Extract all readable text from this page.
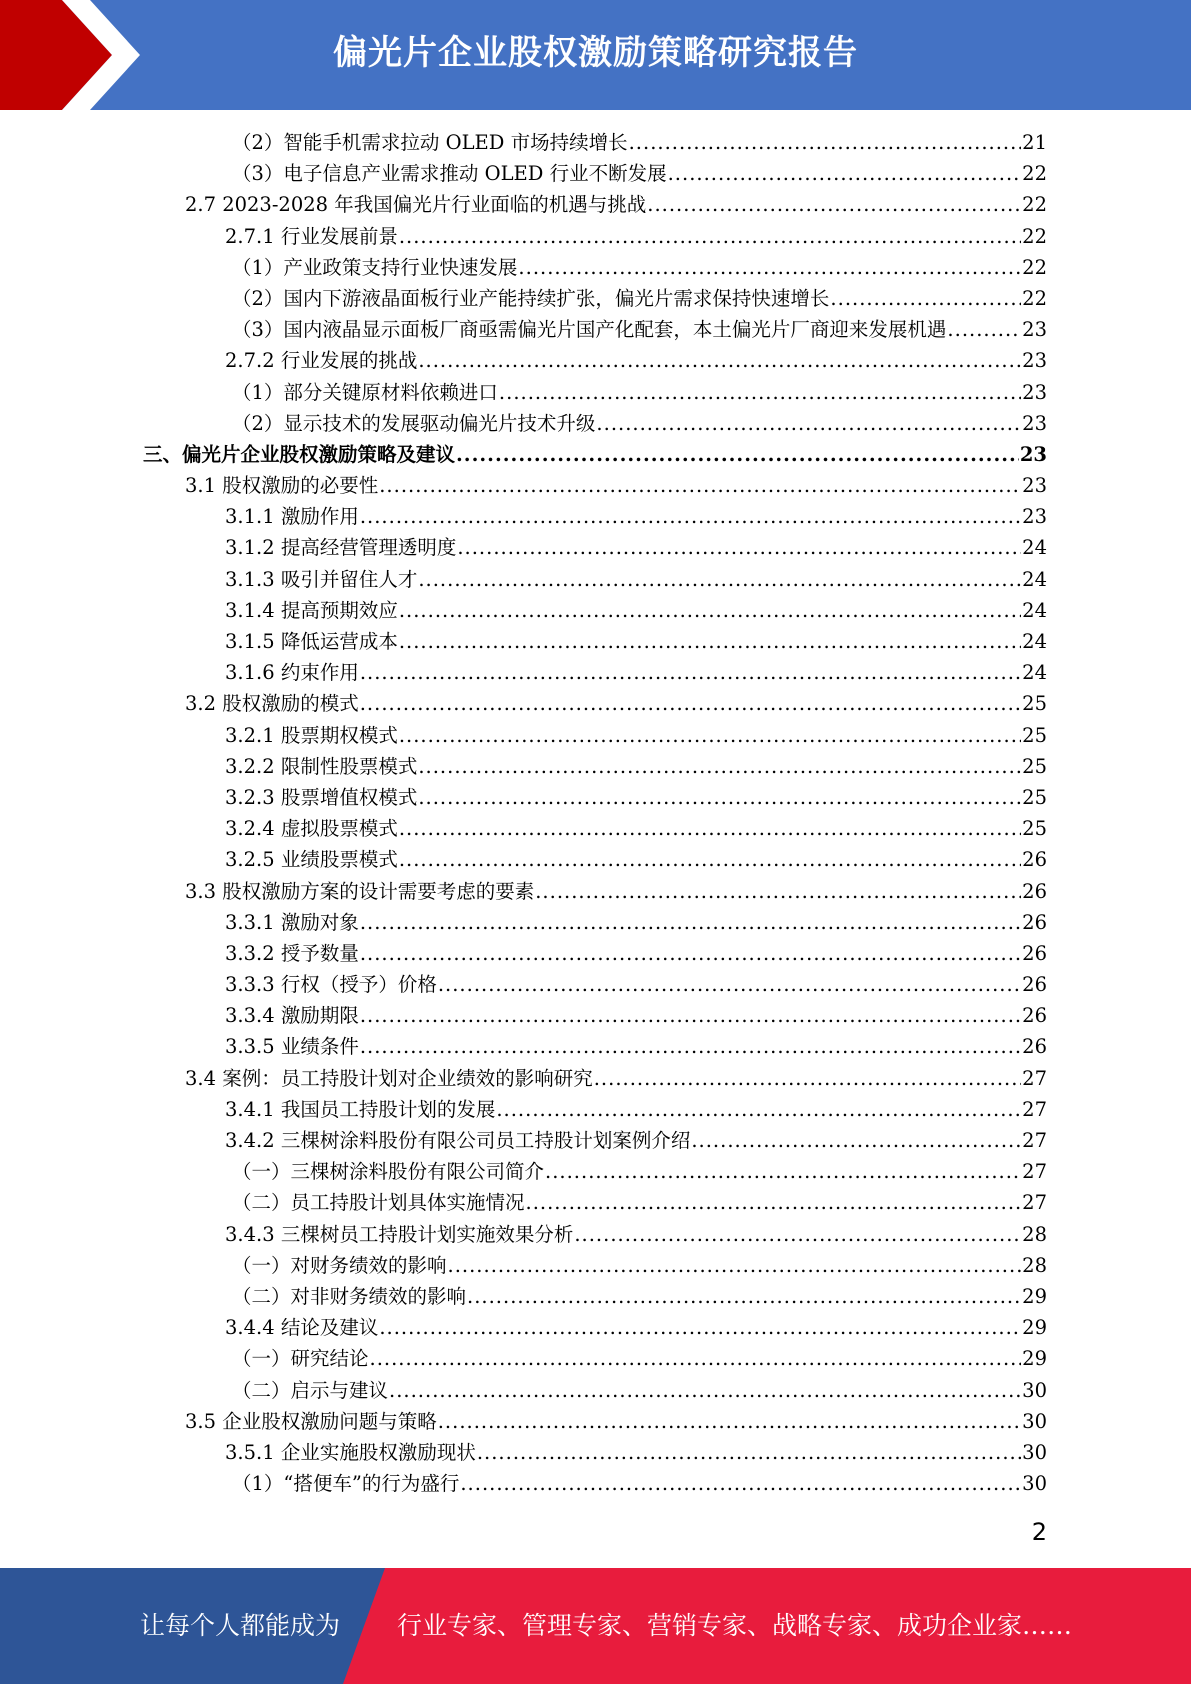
偏光片企业股权激励策略研究报告
（2）智能手机需求拉动 OLED 市场持续增长 .....	21
（3）电子信息产业需求推动 OLED 行业不断发展 .....	22
2.7 2023-2028 年我国偏光片行业面临的机遇与挑战 .....	22
2.7.1 行业发展前景 .....	22
（1）产业政策支持行业快速发展 .....	22
（2）国内下游液晶面板行业产能持续扩张，偏光片需求保持快速增长 .....	22
（3）国内液晶显示面板厂商亟需偏光片国产化配套，本土偏光片厂商迎来发展机遇 .....	23
2.7.2 行业发展的挑战 .....	23
（1）部分关键原材料依赖进口 .....	23
（2）显示技术的发展驱动偏光片技术升级 .....	23
三、偏光片企业股权激励策略及建议 .....	23
3.1 股权激励的必要性 .....	23
3.1.1 激励作用 .....	23
3.1.2 提高经营管理透明度 .....	24
3.1.3 吸引并留住人才 .....	24
3.1.4 提高预期效应 .....	24
3.1.5 降低运营成本 .....	24
3.1.6 约束作用 .....	24
3.2 股权激励的模式 .....	25
3.2.1 股票期权模式 .....	25
3.2.2 限制性股票模式 .....	25
3.2.3 股票增值权模式 .....	25
3.2.4 虚拟股票模式 .....	25
3.2.5 业绩股票模式 .....	26
3.3 股权激励方案的设计需要考虑的要素 .....	26
3.3.1 激励对象 .....	26
3.3.2 授予数量 .....	26
3.3.3 行权（授予）价格 .....	26
3.3.4 激励期限 .....	26
3.3.5 业绩条件 .....	26
3.4 案例：员工持股计划对企业绩效的影响研究 .....	27
3.4.1 我国员工持股计划的发展 .....	27
3.4.2 三棵树涂料股份有限公司员工持股计划案例介绍 .....	27
（一）三棵树涂料股份有限公司简介 .....	27
（二）员工持股计划具体实施情况 .....	27
3.4.3 三棵树员工持股计划实施效果分析 .....	28
（一）对财务绩效的影响 .....	28
（二）对非财务绩效的影响 .....	29
3.4.4 结论及建议 .....	29
（一）研究结论 .....	29
（二）启示与建议 .....	30
3.5 企业股权激励问题与策略 .....	30
3.5.1 企业实施股权激励现状 .....	30
（1）“搭便车”的行为盛行 .....	30
2
让每个人都能成为 行业专家、管理专家、营销专家、战略专家、成功企业家……
